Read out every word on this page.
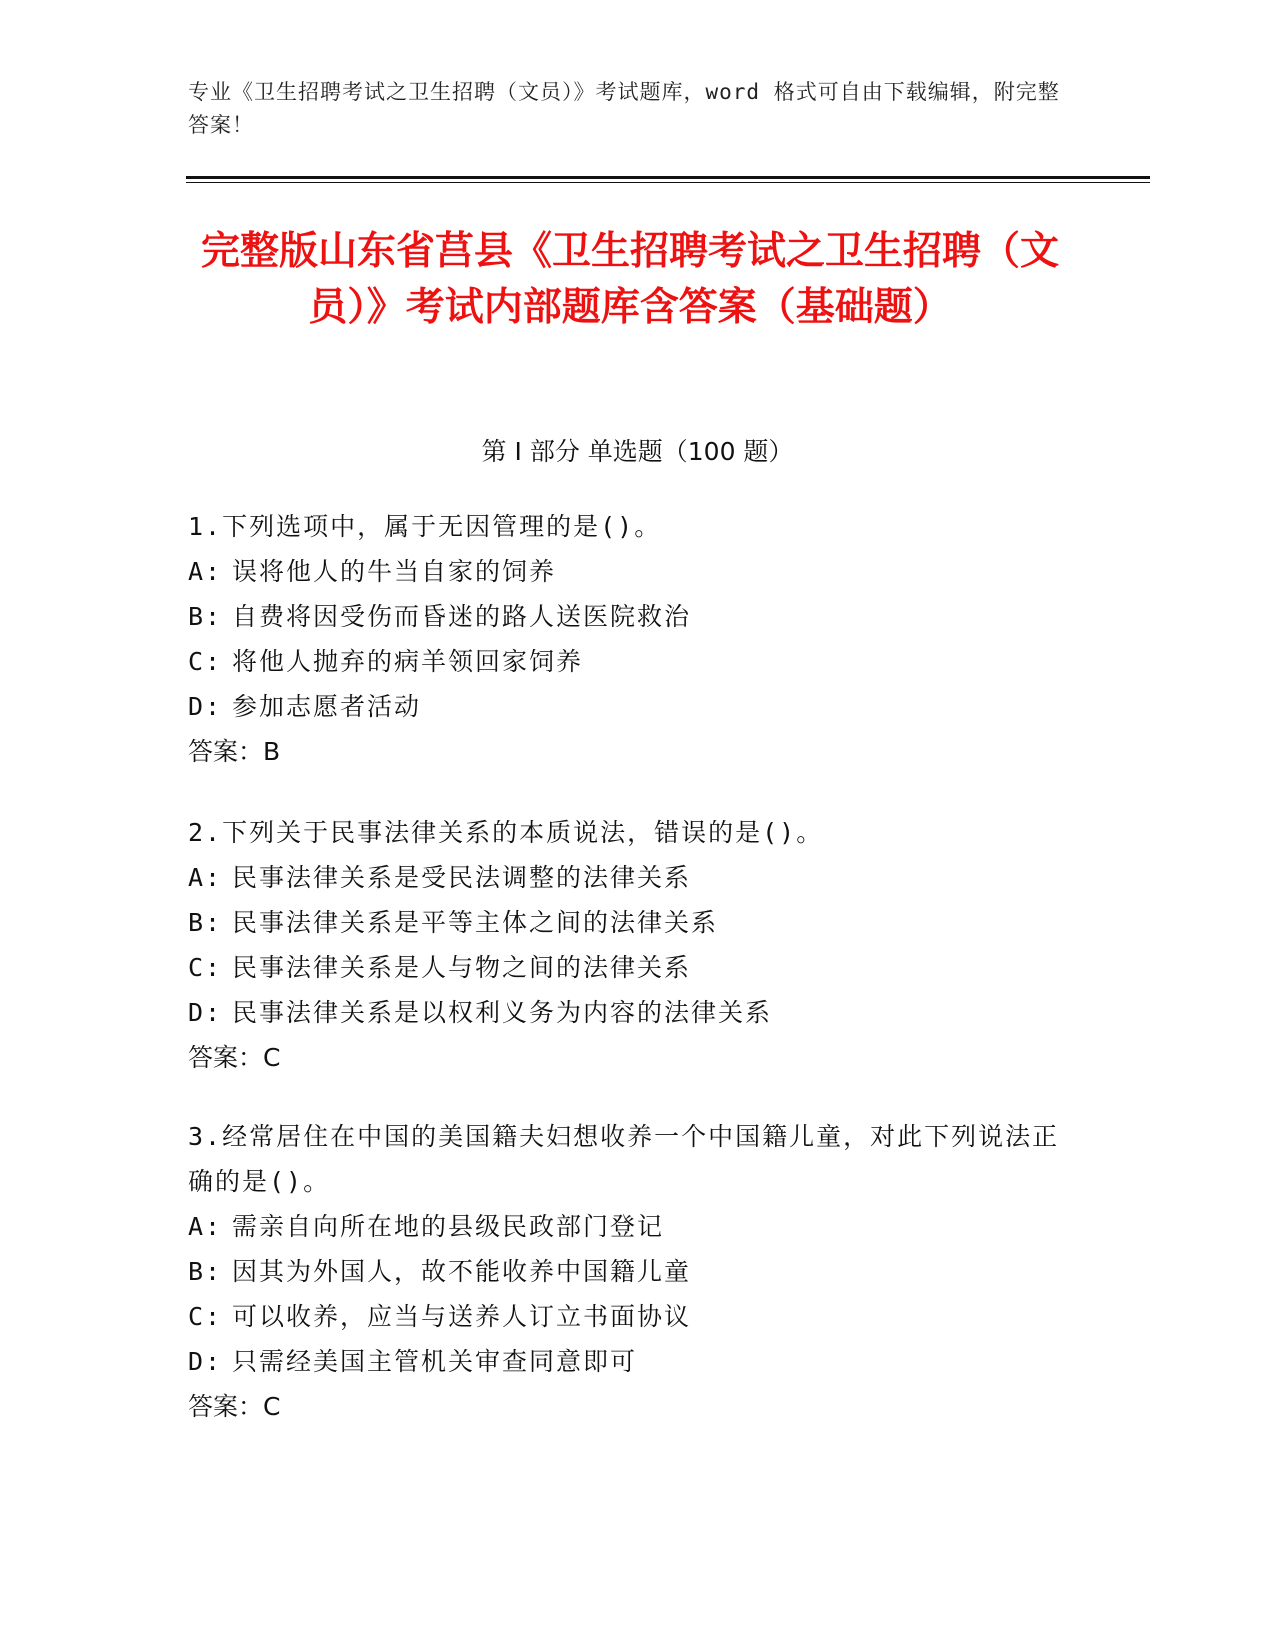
专业《卫生招聘考试之卫生招聘（文员）》考试题库，word 格式可自由下载编辑，附完整答案！
完整版山东省莒县《卫生招聘考试之卫生招聘（文员）》考试内部题库含答案（基础题）
第 I 部分 单选题（100 题）
1.下列选项中，属于无因管理的是()。
A: 误将他人的牛当自家的饲养
B: 自费将因受伤而昏迷的路人送医院救治
C: 将他人抛弃的病羊领回家饲养
D: 参加志愿者活动
答案：B
2.下列关于民事法律关系的本质说法，错误的是()。
A: 民事法律关系是受民法调整的法律关系
B: 民事法律关系是平等主体之间的法律关系
C: 民事法律关系是人与物之间的法律关系
D: 民事法律关系是以权利义务为内容的法律关系
答案：C
3.经常居住在中国的美国籍夫妇想收养一个中国籍儿童，对此下列说法正确的是()。
A: 需亲自向所在地的县级民政部门登记
B: 因其为外国人，故不能收养中国籍儿童
C: 可以收养，应当与送养人订立书面协议
D: 只需经美国主管机关审查同意即可
答案：C
